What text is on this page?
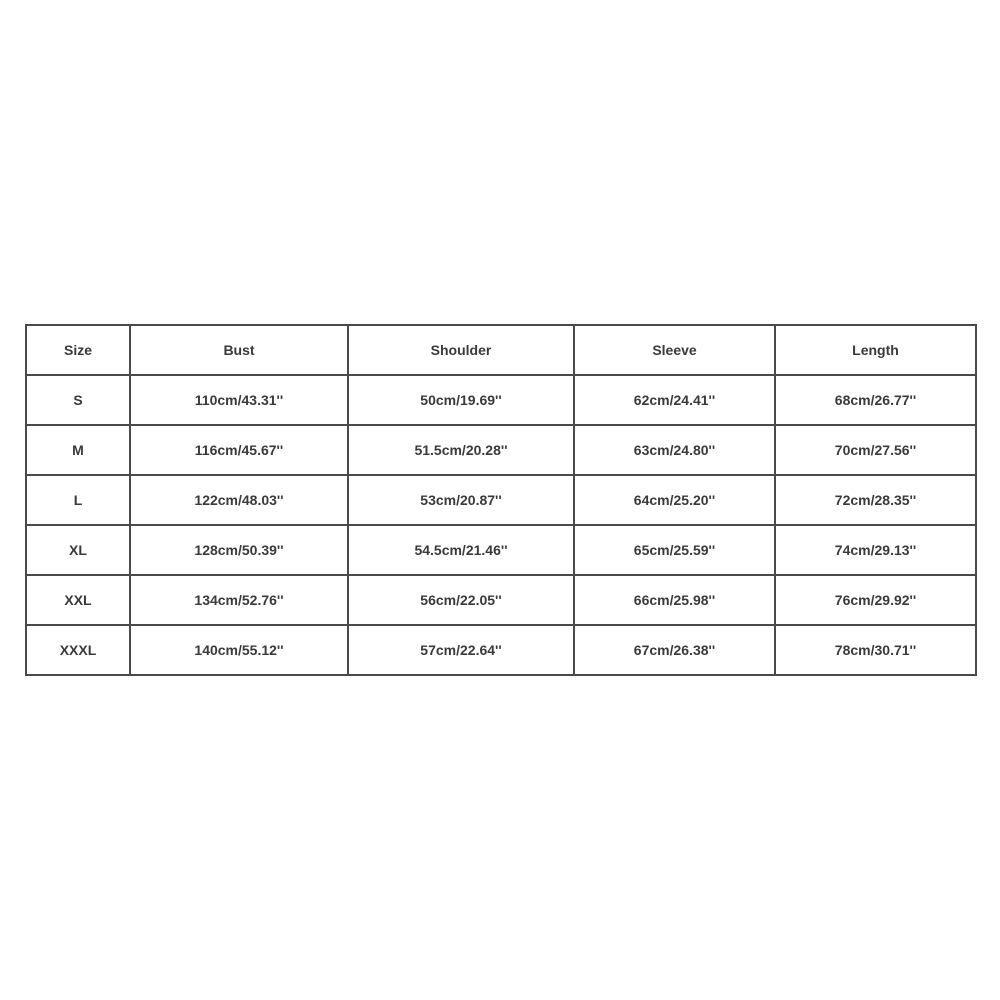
Size	Bust	Shoulder	Sleeve	Length
S	110cm/43.31''	50cm/19.69''	62cm/24.41''	68cm/26.77''
M	116cm/45.67''	51.5cm/20.28''	63cm/24.80''	70cm/27.56''
L	122cm/48.03''	53cm/20.87''	64cm/25.20''	72cm/28.35''
XL	128cm/50.39''	54.5cm/21.46''	65cm/25.59''	74cm/29.13''
XXL	134cm/52.76''	56cm/22.05''	66cm/25.98''	76cm/29.92''
XXXL	140cm/55.12''	57cm/22.64''	67cm/26.38''	78cm/30.71''
